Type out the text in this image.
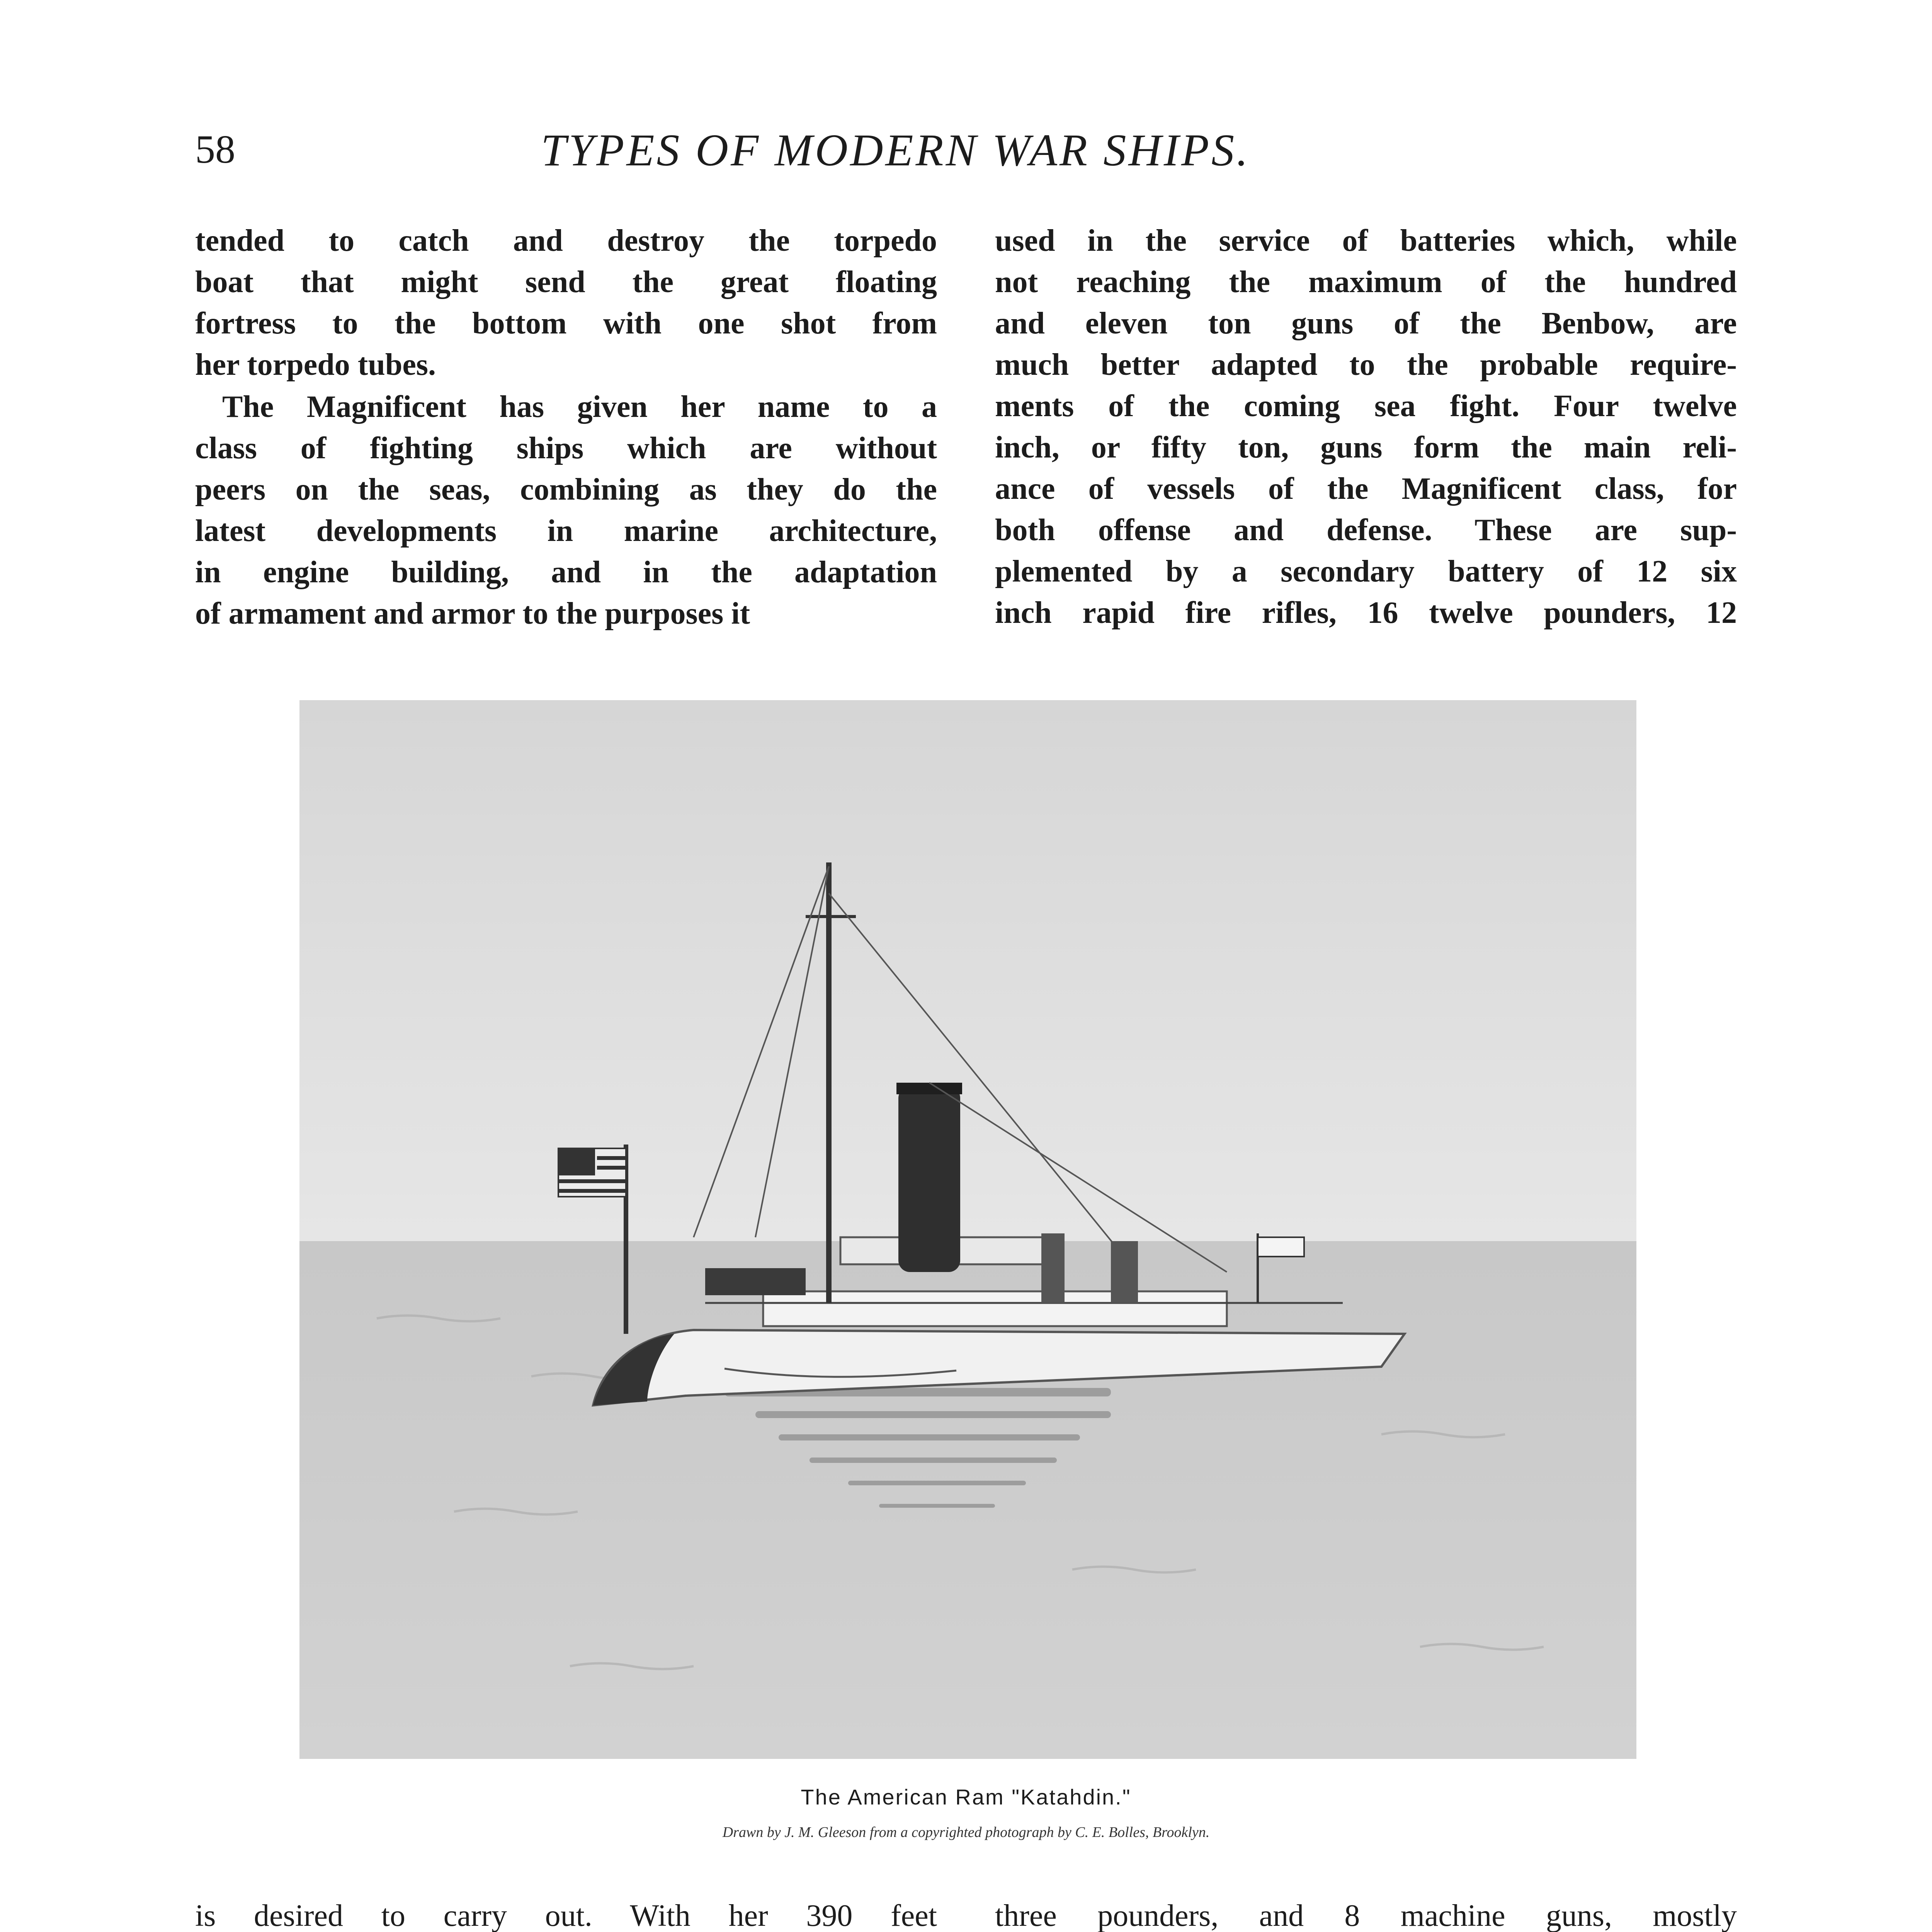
58	TYPES OF MODERN WAR SHIPS.

tended to catch and destroy the torpedo
boat that might send the great floating
fortress to the bottom with one shot from
her torpedo tubes.

The Magnificent has given her name to a
class of fighting ships which are without
peers on the seas, combining as they do the
latest developments in marine architecture,
in engine building, and in the adaptation
of armament and armor to the purposes it

used in the service of batteries which, while
not reaching the maximum of the hundred
and eleven ton guns of the Benbow, are
much better adapted to the probable require-
ments of the coming sea fight. Four twelve
inch, or fifty ton, guns form the main reli-
ance of vessels of the Magnificent class, for
both offense and defense. These are sup-
plemented by a secondary battery of 12 six
inch rapid fire rifles, 16 twelve pounders, 12

The American Ram "Katahdin."
Drawn by J. M. Gleeson from a copyrighted photograph by C. E. Bolles, Brooklyn.

is desired to carry out. With her 390 feet three pounders, and 8 machine guns, mostly
